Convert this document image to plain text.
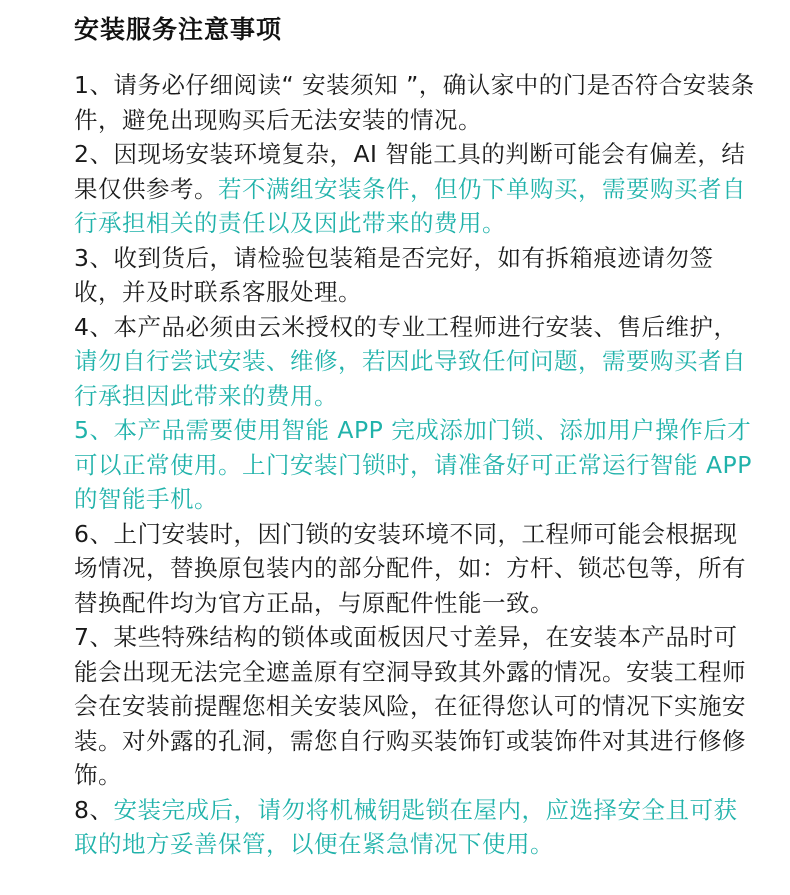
安装服务注意事项

1、请务必仔细阅读“ 安装须知 ”，确认家中的门是否符合安装条件，避免出现购买后无法安装的情况。

2、因现场安装环境复杂，AI 智能工具的判断可能会有偏差，结果仅供参考。若不满组安装条件，但仍下单购买，需要购买者自行承担相关的责任以及因此带来的费用。

3、收到货后，请检验包装箱是否完好，如有拆箱痕迹请勿签收，并及时联系客服处理。

4、本产品必须由云米授权的专业工程师进行安装、售后维护，请勿自行尝试安装、维修，若因此导致任何问题，需要购买者自行承担因此带来的费用。

5、本产品需要使用智能 APP 完成添加门锁、添加用户操作后才可以正常使用。上门安装门锁时，请准备好可正常运行智能 APP 的智能手机。

6、上门安装时，因门锁的安装环境不同，工程师可能会根据现场情况，替换原包装内的部分配件，如：方杆、锁芯包等，所有替换配件均为官方正品，与原配件性能一致。

7、某些特殊结构的锁体或面板因尺寸差异，在安装本产品时可能会出现无法完全遮盖原有空洞导致其外露的情况。安装工程师会在安装前提醒您相关安装风险，在征得您认可的情况下实施安装。对外露的孔洞，需您自行购买装饰钉或装饰件对其进行修修饰。

8、安装完成后，请勿将机械钥匙锁在屋内，应选择安全且可获取的地方妥善保管，以便在紧急情况下使用。
